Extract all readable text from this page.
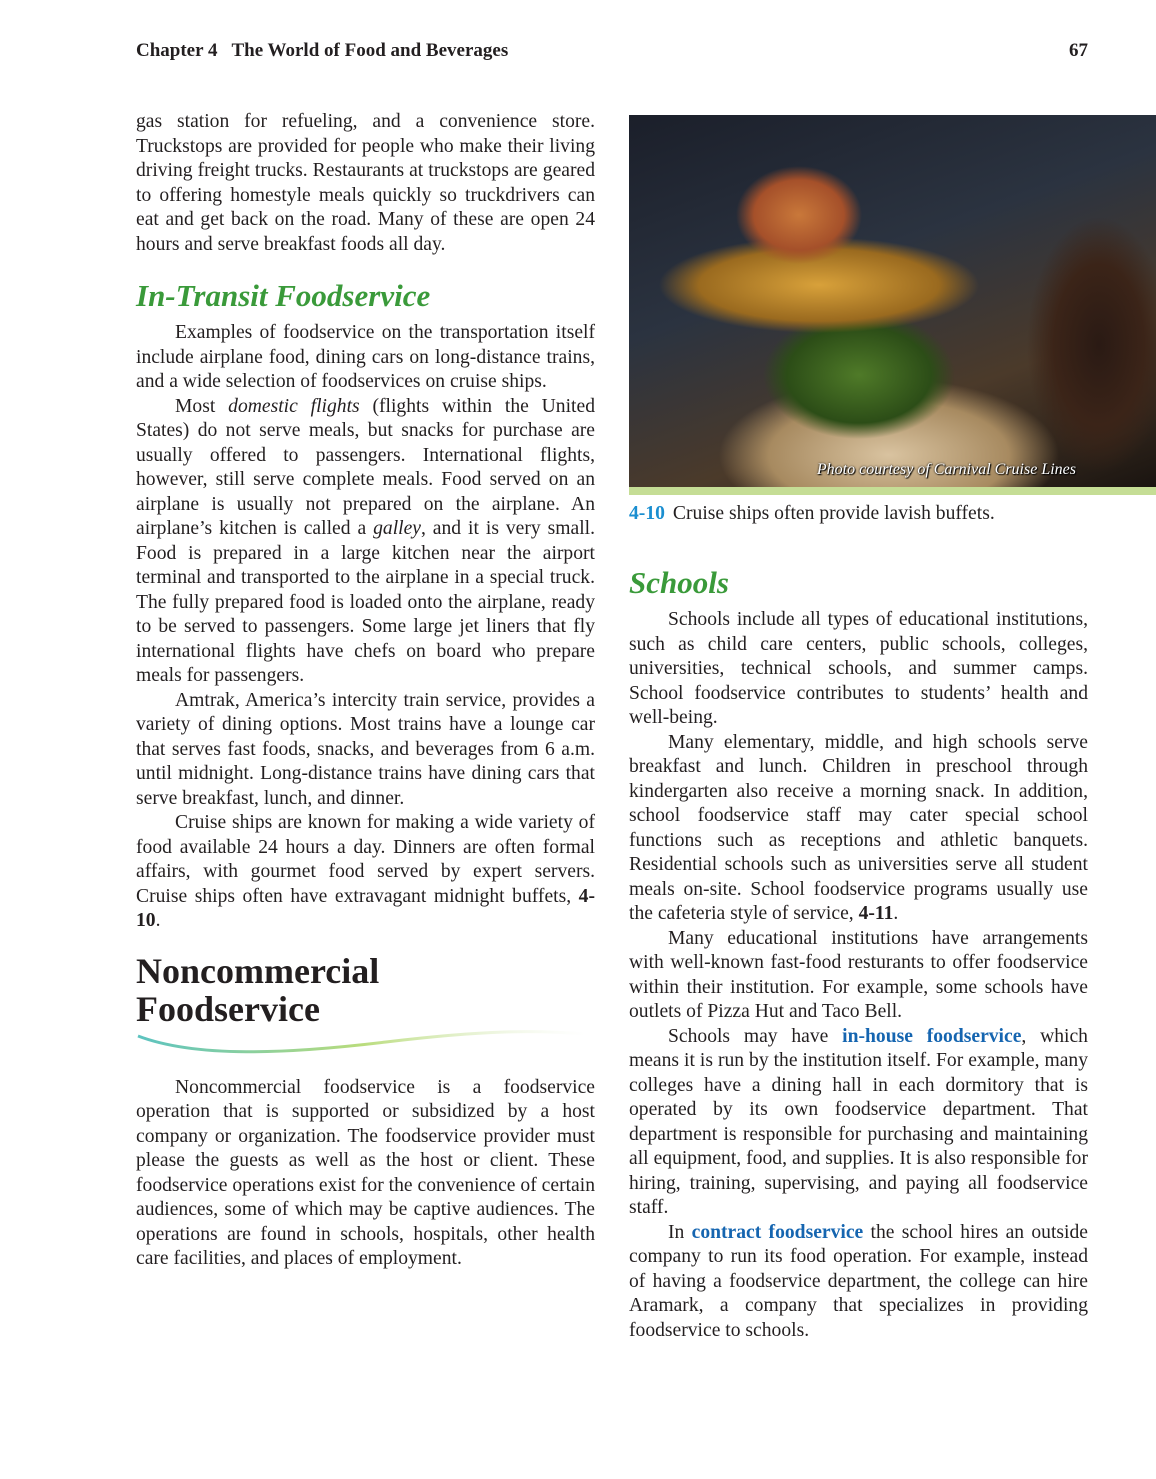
Chapter 4 The World of Food and Beverages	67

gas station for refueling, and a convenience store. Truckstops are provided for people who make their living driving freight trucks. Restaurants at truckstops are geared to offering homestyle meals quickly so truckdrivers can eat and get back on the road. Many of these are open 24 hours and serve breakfast foods all day.

In-Transit Foodservice

Examples of foodservice on the transportation itself include airplane food, dining cars on long-distance trains, and a wide selection of foodservices on cruise ships.

Most domestic flights (flights within the United States) do not serve meals, but snacks for purchase are usually offered to passengers. International flights, however, still serve complete meals. Food served on an airplane is usually not prepared on the airplane. An airplane’s kitchen is called a galley, and it is very small. Food is prepared in a large kitchen near the airport terminal and transported to the airplane in a special truck. The fully prepared food is loaded onto the airplane, ready to be served to passengers. Some large jet liners that fly international flights have chefs on board who prepare meals for passengers.

Amtrak, America’s intercity train service, provides a variety of dining options. Most trains have a lounge car that serves fast foods, snacks, and beverages from 6 a.m. until midnight. Long-distance trains have dining cars that serve breakfast, lunch, and dinner.

Cruise ships are known for making a wide variety of food available 24 hours a day. Dinners are often formal affairs, with gourmet food served by expert servers. Cruise ships often have extravagant midnight buffets, 4-10.

Noncommercial
Foodservice

Noncommercial foodservice is a foodservice operation that is supported or subsidized by a host company or organization. The foodservice provider must please the guests as well as the host or client. These foodservice operations exist for the convenience of certain audiences, some of which may be captive audiences. The operations are found in schools, hospitals, other health care facilities, and places of employment.

Photo courtesy of Carnival Cruise Lines
4-10 Cruise ships often provide lavish buffets.
Schools

Schools include all types of educational institutions, such as child care centers, public schools, colleges, universities, technical schools, and summer camps. School foodservice contributes to students’ health and well-being.

Many elementary, middle, and high schools serve breakfast and lunch. Children in preschool through kindergarten also receive a morning snack. In addition, school foodservice staff may cater special school functions such as receptions and athletic banquets. Residential schools such as universities serve all student meals on-site. School foodservice programs usually use the cafeteria style of service, 4-11.

Many educational institutions have arrangements with well-known fast-food resturants to offer foodservice within their institution. For example, some schools have outlets of Pizza Hut and Taco Bell.

Schools may have in-house foodservice, which means it is run by the institution itself. For example, many colleges have a dining hall in each dormitory that is operated by its own foodservice department. That department is responsible for purchasing and maintaining all equipment, food, and supplies. It is also responsible for hiring, training, supervising, and paying all foodservice staff.

In contract foodservice the school hires an outside company to run its food operation. For example, instead of having a foodservice department, the college can hire Aramark, a company that specializes in providing foodservice to schools.
